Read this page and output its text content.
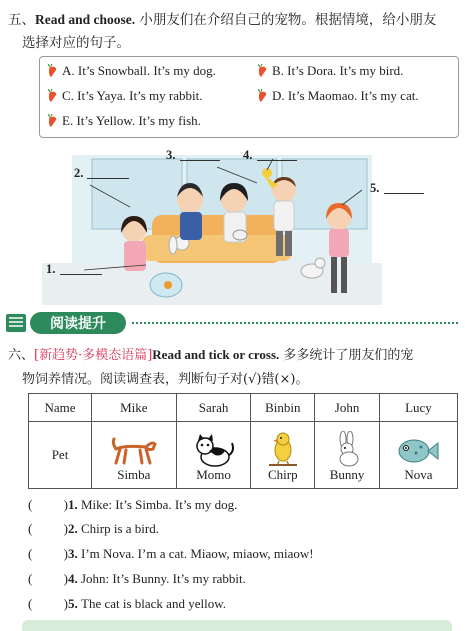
五、Read and choose. 小朋友们在介绍自己的宠物。根据情境，给小朋友
选择对应的句子。
A. It’s Snowball. It’s my dog.	B. It’s Dora. It’s my bird.
C. It’s Yaya. It’s my rabbit.	D. It’s Maomao. It’s my cat.
E. It’s Yellow. It’s my fish.
2.
3.	4.
5.
1.
阅读提升
六、[新趋势·多模态语篇]Read and tick or cross. 多多统计了朋友们的宠
物饲养情况。阅读调查表，判断句子对(√)错(×)。
Name	Mike	Sarah	Binbin	John	Lucy
Pet	Simba	Momo	Chirp	Bunny	Nova
( ) 1.
Mike: It’s Simba. It’s my dog.
( ) 2.
Chirp is a bird.
( ) 3.
I’m Nova. I’m a cat. Miaow, miaow, miaow!
( ) 4.
John: It’s Bunny. It’s my rabbit.
( ) 5.
The cat is black and yellow.
